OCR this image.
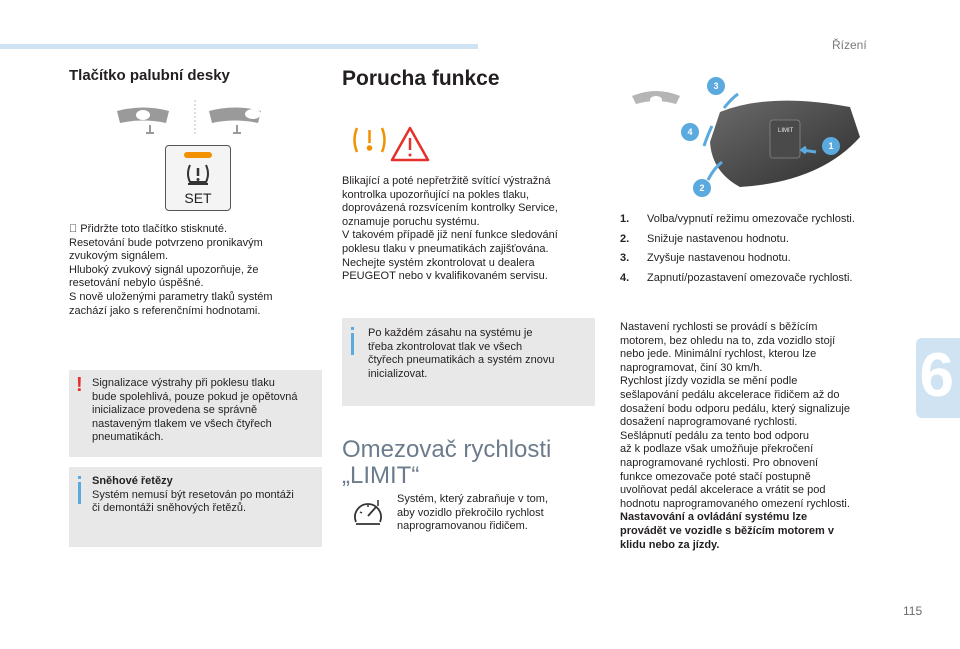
Řízení
6
115
Tlačítko palubní desky
SET

Přidržte toto tlačítko stisknuté.
Resetování bude potvrzeno pronikavým
zvukovým signálem.
Hluboký zvukový signál upozorňuje, že
resetování nebylo úspěšné.
S nově uloženými parametry tlaků systém
zachází jako s referenčními hodnotami.

! Signalizace výstrahy při poklesu tlaku
bude spolehlivá, pouze pokud je opětovná
inicializace provedena se správně
nastaveným tlakem ve všech čtyřech
pneumatikách.

Sněhové řetězy
Systém nemusí být resetován po montáži
či demontáži sněhových řetězů.

Porucha funkce

Blikající a poté nepřetržitě svítící výstražná
kontrolka upozorňující na pokles tlaku,
doprovázená rozsvícením kontrolky Service,
oznamuje poruchu systému.
V takovém případě již není funkce sledování
poklesu tlaku v pneumatikách zajišťována.
Nechejte systém zkontrolovat u dealera
PEUGEOT nebo v kvalifikovaném servisu.

Po každém zásahu na systému je
třeba zkontrolovat tlak ve všech
čtyřech pneumatikách a systém znovu
inicializovat.

Omezovač rychlosti
„LIMIT“

Systém, který zabraňuje v tom,
aby vozidlo překročilo rychlost
naprogramovanou řidičem.

LIMIT
1
2
3
4
1.	Volba/vypnutí režimu omezovače rychlosti.
2.	Snižuje nastavenou hodnotu.
3.	Zvyšuje nastavenou hodnotu.
4.	Zapnutí/pozastavení omezovače rychlosti.

Nastavení rychlosti se provádí s běžícím
motorem, bez ohledu na to, zda vozidlo stojí
nebo jede. Minimální rychlost, kterou lze
naprogramovat, činí 30 km/h.
Rychlost jízdy vozidla se mění podle
sešlapování pedálu akcelerace řidičem až do
dosažení bodu odporu pedálu, který signalizuje
dosažení naprogramované rychlosti.
Sešlápnutí pedálu za tento bod odporu
až k podlaze však umožňuje překročení
naprogramované rychlosti. Pro obnovení
funkce omezovače poté stačí postupně
uvolňovat pedál akcelerace a vrátit se pod
hodnotu naprogramovaného omezení rychlosti.
Nastavování a ovládání systému lze
provádět ve vozidle s běžícím motorem v
klidu nebo za jízdy.
